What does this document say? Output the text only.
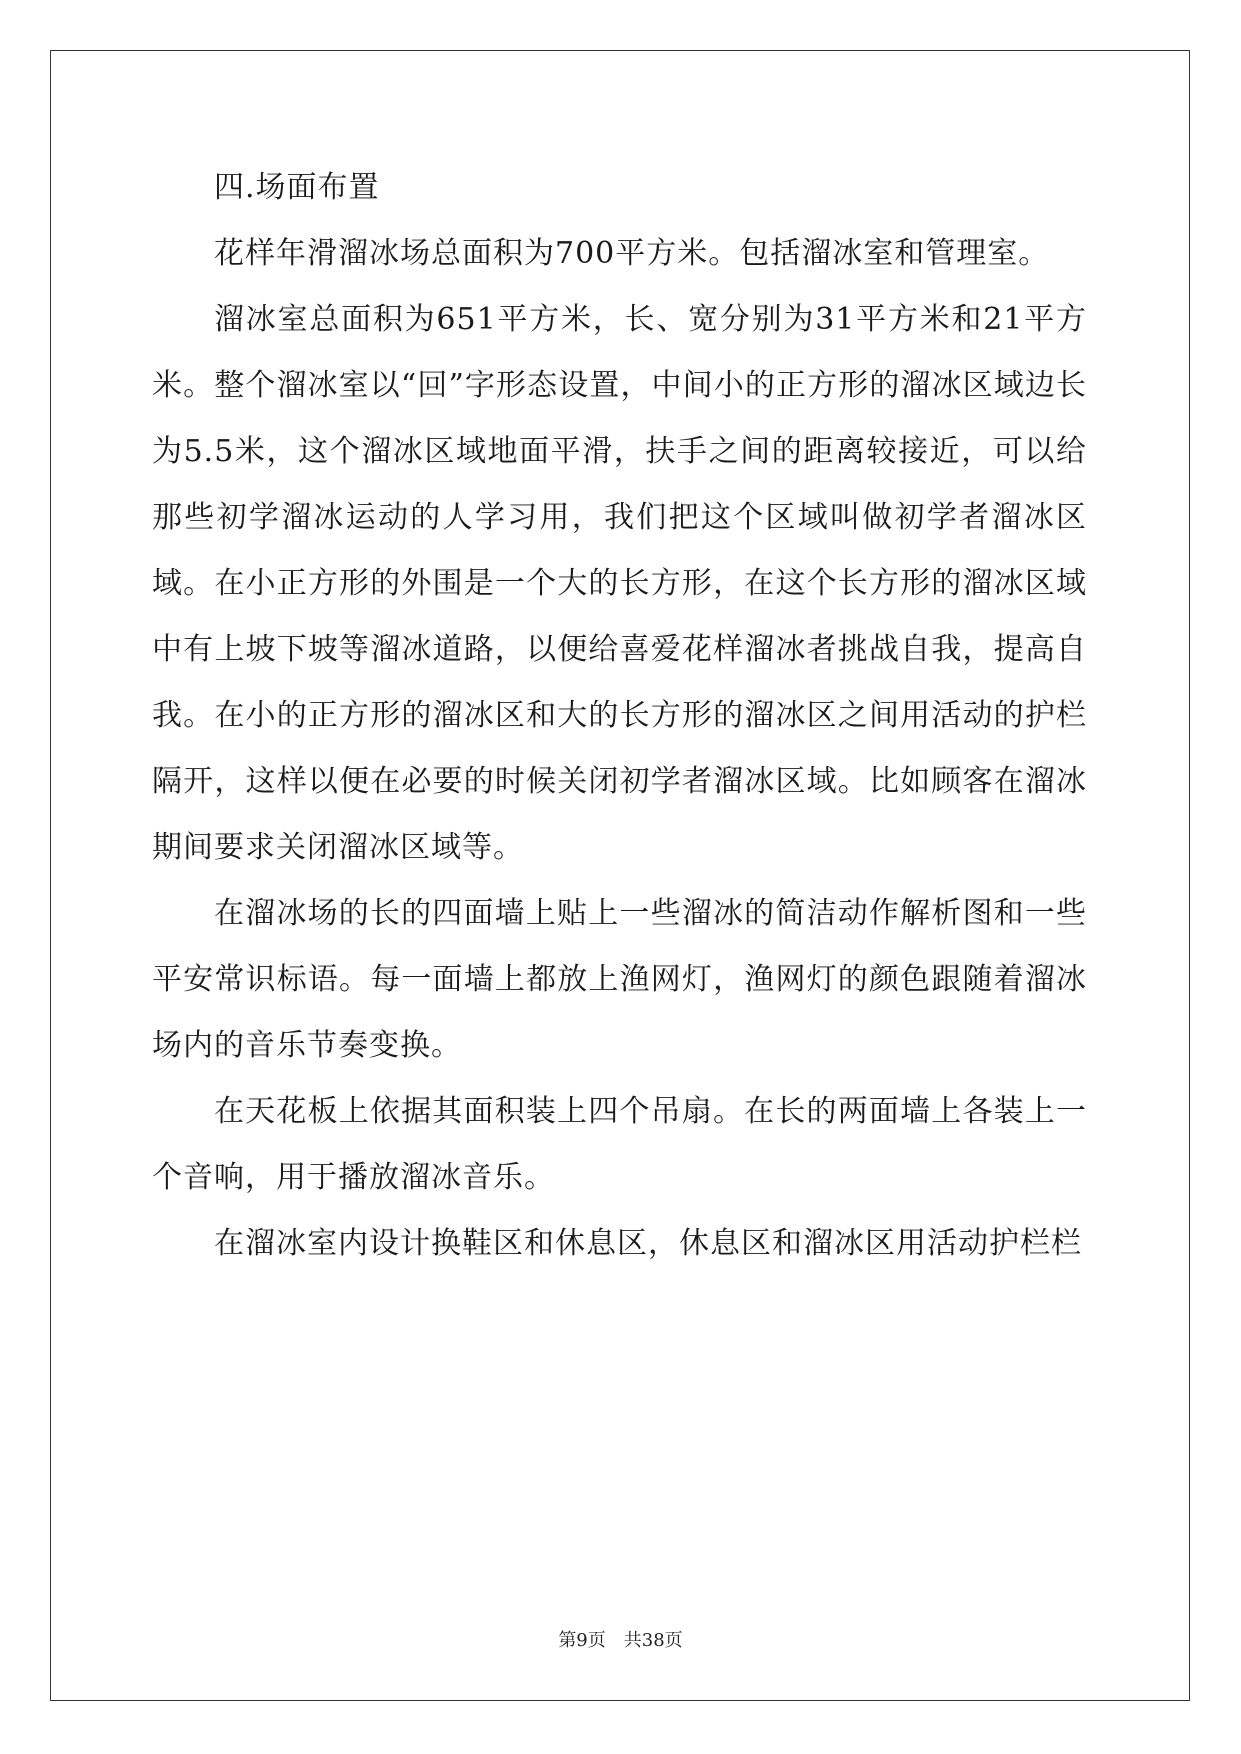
四.场面布置

花样年滑溜冰场总面积为700平方米。包括溜冰室和管理室。

溜冰室总面积为651平方米，长、宽分别为31平方米和21平方米。整个溜冰室以“回”字形态设置，中间小的正方形的溜冰区域边长为5.5米，这个溜冰区域地面平滑，扶手之间的距离较接近，可以给那些初学溜冰运动的人学习用，我们把这个区域叫做初学者溜冰区域。在小正方形的外围是一个大的长方形，在这个长方形的溜冰区域中有上坡下坡等溜冰道路，以便给喜爱花样溜冰者挑战自我，提高自我。在小的正方形的溜冰区和大的长方形的溜冰区之间用活动的护栏隔开，这样以便在必要的时候关闭初学者溜冰区域。比如顾客在溜冰期间要求关闭溜冰区域等。

在溜冰场的长的四面墙上贴上一些溜冰的简洁动作解析图和一些平安常识标语。每一面墙上都放上渔网灯，渔网灯的颜色跟随着溜冰场内的音乐节奏变换。

在天花板上依据其面积装上四个吊扇。在长的两面墙上各装上一个音响，用于播放溜冰音乐。

在溜冰室内设计换鞋区和休息区，休息区和溜冰区用活动护栏栏

第9页 共38页
